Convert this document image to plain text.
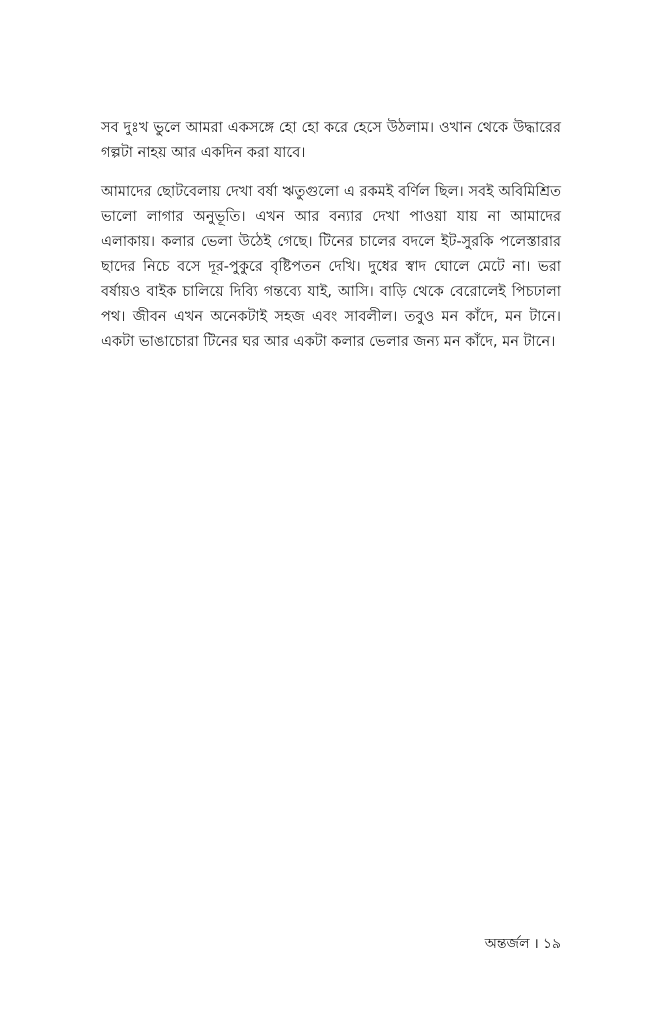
সব দুঃখ ভুলে আমরা একসঙ্গে হো হো করে হেসে উঠলাম। ওখান থেকে উদ্ধারের গল্পটা নাহয় আর একদিন করা যাবে।

আমাদের ছোটবেলায় দেখা বর্ষা ঋতুগুলো এ রকমই বর্ণিল ছিল। সবই অবিমিশ্রিত ভালো লাগার অনুভূতি। এখন আর বন্যার দেখা পাওয়া যায় না আমাদের এলাকায়। কলার ভেলা উঠেই গেছে। টিনের চালের বদলে ইট-সুরকি পলেস্তারার ছাদের নিচে বসে দূর-পুকুরে বৃষ্টিপতন দেখি। দুধের স্বাদ ঘোলে মেটে না। ভরা বর্ষায়ও বাইক চালিয়ে দিব্যি গন্তব্যে যাই, আসি। বাড়ি থেকে বেরোলেই পিচঢালা পথ। জীবন এখন অনেকটাই সহজ এবং সাবলীল। তবুও মন কাঁদে, মন টানে। একটা ভাঙাচোরা টিনের ঘর আর একটা কলার ভেলার জন্য মন কাঁদে, মন টানে।

অন্তর্জল । ১৯
